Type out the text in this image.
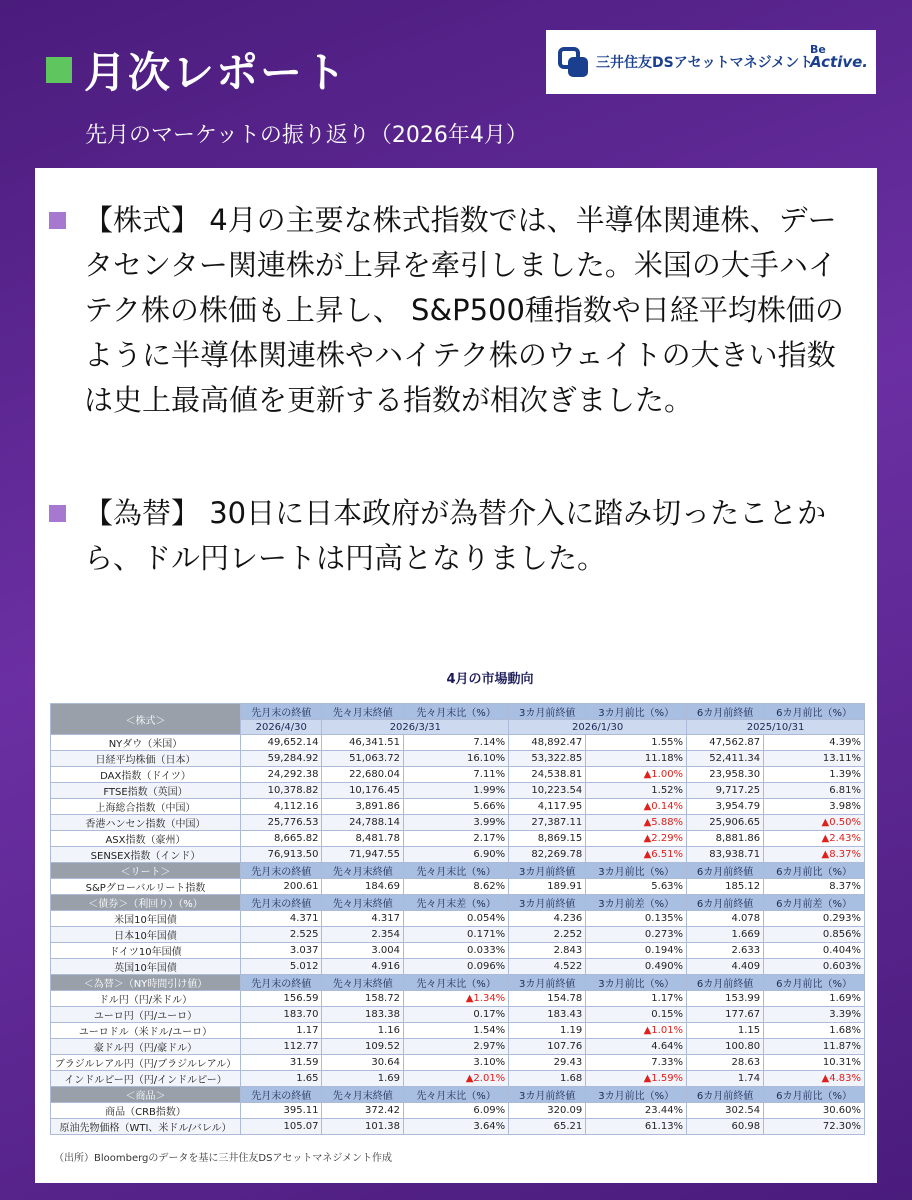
月次レポート
先月のマーケットの振り返り（2026年4月）
三井住友DSアセットマネジメント
Be
Active.
【株式】 4月の主要な株式指数では、半導体関連株、データセンター関連株が上昇を牽引しました。米国の大手ハイテク株の株価も上昇し、 S&P500種指数や日経平均株価のように半導体関連株やハイテク株のウェイトの大きい指数は史上最高値を更新する指数が相次ぎました。
【為替】 30日に日本政府が為替介入に踏み切ったことから、ドル円レートは円高となりました。
4月の市場動向
＜株式＞	先月末の終値	先々月末終値	先々月末比（%）	3カ月前終値	3カ月前比（%）	6カ月前終値	6カ月前比（%）
	2026/4/30	2026/3/31		2026/1/30		2025/10/31	
NYダウ（米国）	49,652.14	46,341.51	7.14%	48,892.47	1.55%	47,562.87	4.39%
日経平均株価（日本）	59,284.92	51,063.72	16.10%	53,322.85	11.18%	52,411.34	13.11%
DAX指数（ドイツ）	24,292.38	22,680.04	7.11%	24,538.81	▲1.00%	23,958.30	1.39%
FTSE指数（英国）	10,378.82	10,176.45	1.99%	10,223.54	1.52%	9,717.25	6.81%
上海総合指数（中国）	4,112.16	3,891.86	5.66%	4,117.95	▲0.14%	3,954.79	3.98%
香港ハンセン指数（中国）	25,776.53	24,788.14	3.99%	27,387.11	▲5.88%	25,906.65	▲0.50%
ASX指数（豪州）	8,665.82	8,481.78	2.17%	8,869.15	▲2.29%	8,881.86	▲2.43%
SENSEX指数（インド）	76,913.50	71,947.55	6.90%	82,269.78	▲6.51%	83,938.71	▲8.37%
＜リート＞	先月末の終値	先々月末終値	先々月末比（%）	3カ月前終値	3カ月前比（%）	6カ月前終値	6カ月前比（%）
S&Pグローバルリート指数	200.61	184.69	8.62%	189.91	5.63%	185.12	8.37%
＜債券＞（利回り）（%）	先月末の終値	先々月末終値	先々月末差（%）	3カ月前終値	3カ月前差（%）	6カ月前終値	6カ月前差（%）
米国10年国債	4.371	4.317	0.054%	4.236	0.135%	4.078	0.293%
日本10年国債	2.525	2.354	0.171%	2.252	0.273%	1.669	0.856%
ドイツ10年国債	3.037	3.004	0.033%	2.843	0.194%	2.633	0.404%
英国10年国債	5.012	4.916	0.096%	4.522	0.490%	4.409	0.603%
＜為替＞（NY時間引け値）	先月末の終値	先々月末終値	先々月末比（%）	3カ月前終値	3カ月前比（%）	6カ月前終値	6カ月前比（%）
ドル円（円/米ドル）	156.59	158.72	▲1.34%	154.78	1.17%	153.99	1.69%
ユーロ円（円/ユーロ）	183.70	183.38	0.17%	183.43	0.15%	177.67	3.39%
ユーロドル（米ドル/ユーロ）	1.17	1.16	1.54%	1.19	▲1.01%	1.15	1.68%
豪ドル円（円/豪ドル）	112.77	109.52	2.97%	107.76	4.64%	100.80	11.87%
ブラジルレアル円（円/ブラジルレアル）	31.59	30.64	3.10%	29.43	7.33%	28.63	10.31%
インドルピー円（円/インドルピー）	1.65	1.69	▲2.01%	1.68	▲1.59%	1.74	▲4.83%
＜商品＞	先月末の終値	先々月末終値	先々月末比（%）	3カ月前終値	3カ月前比（%）	6カ月前終値	6カ月前比（%）
商品（CRB指数）	395.11	372.42	6.09%	320.09	23.44%	302.54	30.60%
原油先物価格（WTI、米ドル/バレル）	105.07	101.38	3.64%	65.21	61.13%	60.98	72.30%
（出所）Bloombergのデータを基に三井住友DSアセットマネジメント作成
